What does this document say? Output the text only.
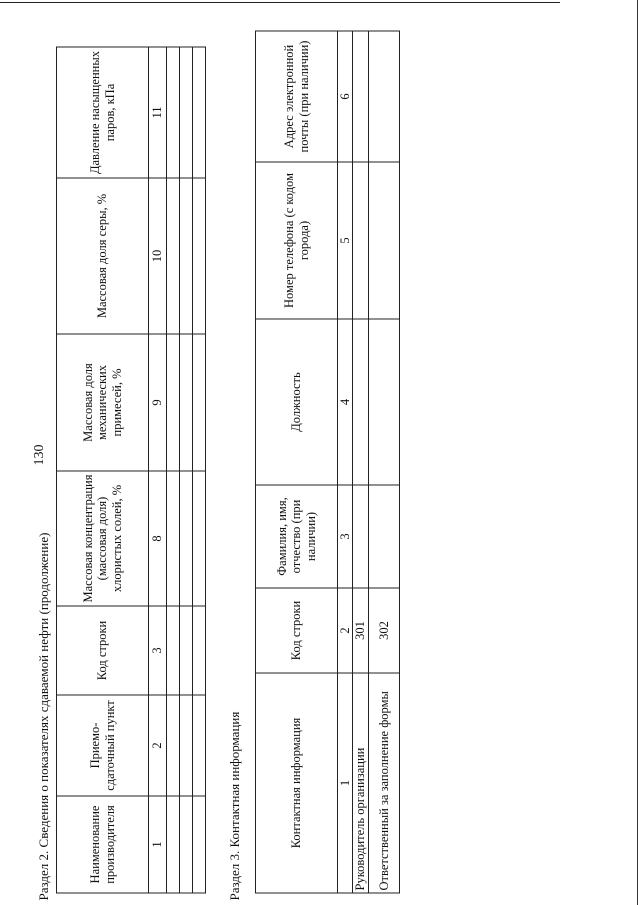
130
Раздел 2. Сведения о показателях сдаваемой нефти (продолжение)	Наименование производителя	Приемо-сдаточный пункт	Код строки	Массовая концентрация (массовая доля) хлористых солей, %	Массовая доля механических примесей, %	Массовая доля серы, %	Давление насыщенных паров, кПа
1	2	3	8	9	10	11

Раздел 3. Контактная информация	Контактная информация	Код строки	Фамилия, имя, отчество (при наличии)	Должность	Номер телефона (с кодом города)	Адрес электронной почты (при наличии)
1	2	3	4	5	6
Руководитель организации	301				
Ответственный за заполнение формы	302				
